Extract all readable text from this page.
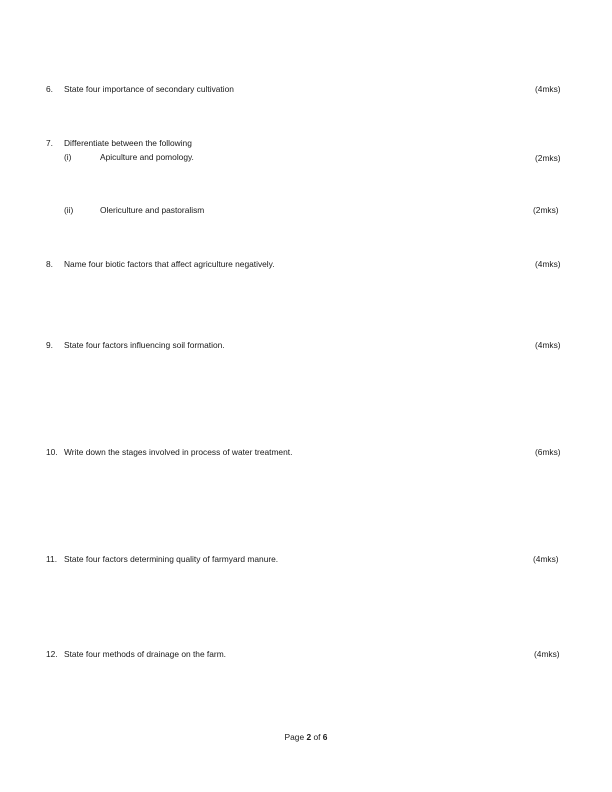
6. State four importance of secondary cultivation	(4mks)
7. Differentiate between the following
(i)	Apiculture and pomology.	(2mks)
(ii)	Olericulture and pastoralism	(2mks)
8. Name four biotic factors that affect agriculture negatively.	(4mks)
9. State four factors influencing soil formation.	(4mks)
10. Write down the stages involved in process of water treatment.	(6mks)
11. State four factors determining quality of farmyard manure.	(4mks)
12. State four methods of drainage on the farm.	(4mks)
Page 2 of 6
